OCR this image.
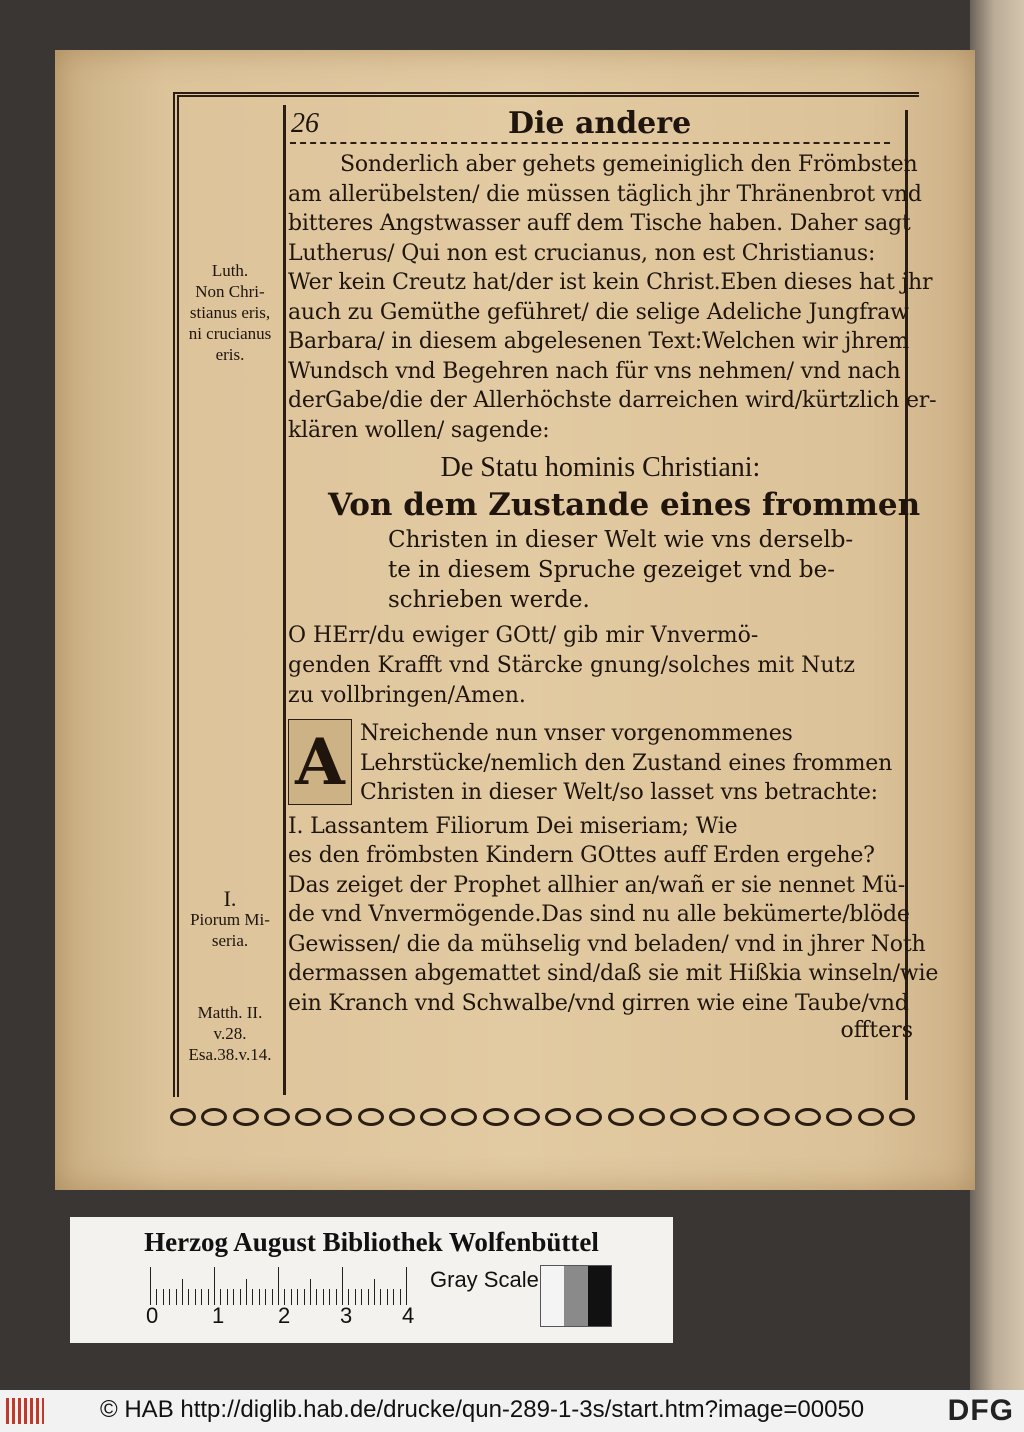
26	Die andere
Sonderlich aber gehets gemeiniglich den Frömbsten
am allerübelsten/ die müssen täglich jhr Thränenbrot vnd
bitteres Angstwasser auff dem Tische haben. Daher sagt
Lutherus/ Qui non est crucianus, non est Christianus:
Wer kein Creutz hat/der ist kein Christ.Eben dieses hat jhr
auch zu Gemüthe geführet/ die selige Adeliche Jungfraw
Barbara/ in diesem abgelesenen Text:Welchen wir jhrem
Wundsch vnd Begehren nach für vns nehmen/ vnd nach
derGabe/die der Allerhöchste darreichen wird/kürtzlich er-
klären wollen/ sagende:
De Statu hominis Christiani:
Von dem Zustande eines frommen
Christen in dieser Welt wie vns derselb-
te in diesem Spruche gezeiget vnd be-
schrieben werde.
O HErr/du ewiger GOtt/ gib mir Vnvermö-
genden Krafft vnd Stärcke gnung/solches mit Nutz
zu vollbringen/Amen.
A Nreichende nun vnser vorgenommenes
Lehrstücke/nemlich den Zustand eines frommen
Christen in dieser Welt/so lasset vns betrachte:
I. Lassantem Filiorum Dei miseriam; Wie
es den frömbsten Kindern GOttes auff Erden ergehe?
Das zeiget der Prophet allhier an/wañ er sie nennet Mü-
de vnd Vnvermögende.Das sind nu alle bekümerte/blöde
Gewissen/ die da mühselig vnd beladen/ vnd in jhrer Noth
dermassen abgemattet sind/daß sie mit Hißkia winseln/wie
ein Kranch vnd Schwalbe/vnd girren wie eine Taube/vnd
offters
Luth.
Non Chri-
stianus eris,
ni crucianus
eris.
I.
Piorum Mi-
seria.
Matth. II.
v.28.
Esa.38.v.14.
Herzog August Bibliothek Wolfenbüttel
0 1 2 3 4
Gray Scale
© HAB http://diglib.hab.de/drucke/qun-289-1-3s/start.htm?image=00050	DFG
